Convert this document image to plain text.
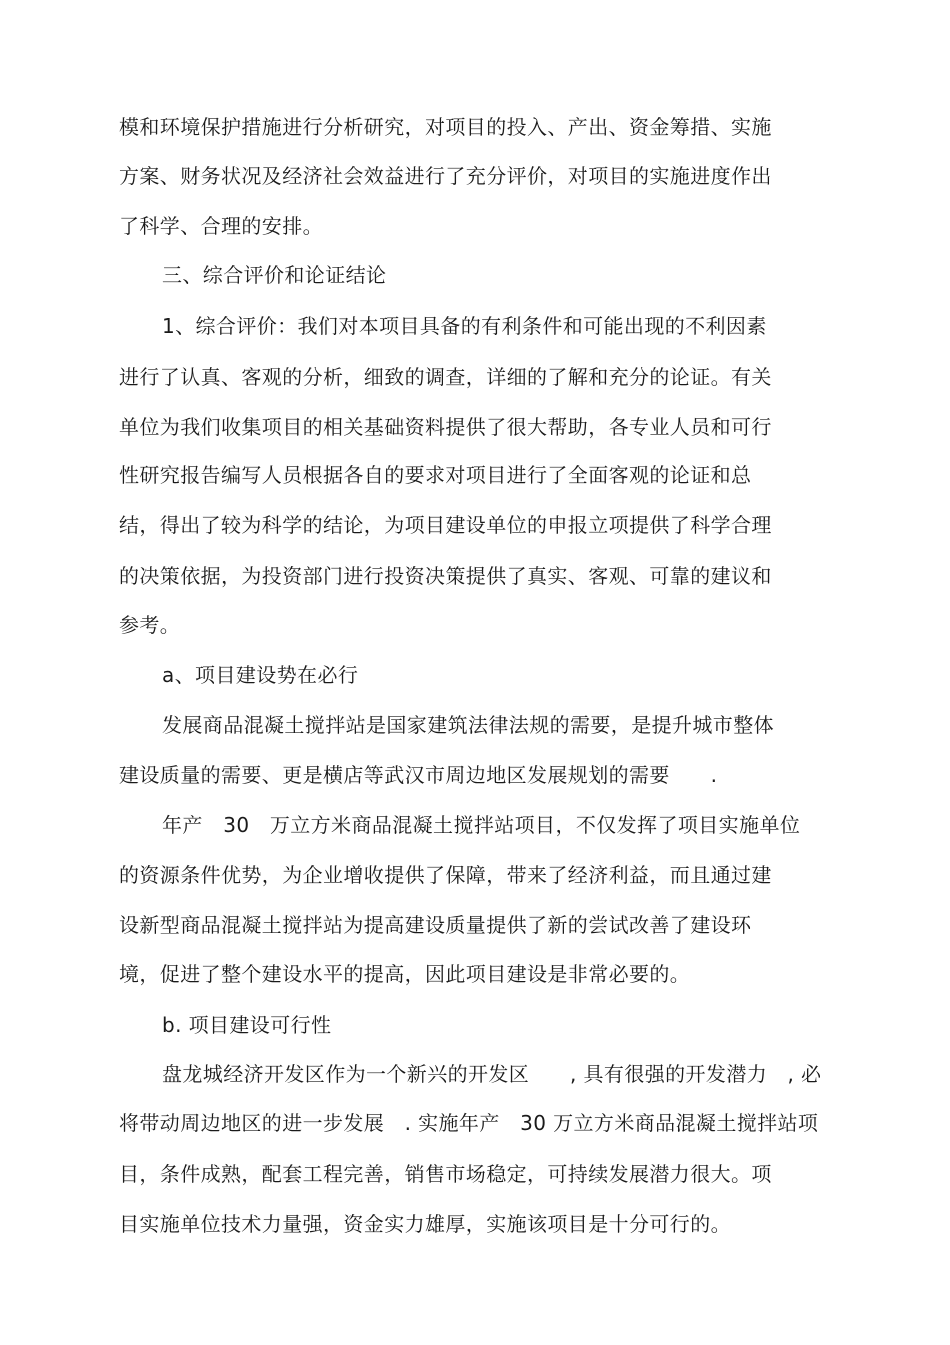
模和环境保护措施进行分析研究，对项目的投入、产出、资金筹措、实施
方案、财务状况及经济社会效益进行了充分评价，对项目的实施进度作出
了科学、合理的安排。
三、综合评价和论证结论
1、综合评价：我们对本项目具备的有利条件和可能出现的不利因素
进行了认真、客观的分析，细致的调查，详细的了解和充分的论证。有关
单位为我们收集项目的相关基础资料提供了很大帮助，各专业人员和可行
性研究报告编写人员根据各自的要求对项目进行了全面客观的论证和总
结，得出了较为科学的结论，为项目建设单位的申报立项提供了科学合理
的决策依据，为投资部门进行投资决策提供了真实、客观、可靠的建议和
参考。
a、项目建设势在必行
发展商品混凝土搅拌站是国家建筑法律法规的需要，是提升城市整体
建设质量的需要、更是横店等武汉市周边地区发展规划的需要　　.
年产　30　万立方米商品混凝土搅拌站项目，不仅发挥了项目实施单位
的资源条件优势，为企业增收提供了保障，带来了经济利益，而且通过建
设新型商品混凝土搅拌站为提高建设质量提供了新的尝试改善了建设环
境，促进了整个建设水平的提高，因此项目建设是非常必要的。
b. 项目建设可行性
盘龙城经济开发区作为一个新兴的开发区　　, 具有很强的开发潜力　, 必
将带动周边地区的进一步发展　. 实施年产　30 万立方米商品混凝土搅拌站项
目，条件成熟，配套工程完善，销售市场稳定，可持续发展潜力很大。项
目实施单位技术力量强，资金实力雄厚，实施该项目是十分可行的。
